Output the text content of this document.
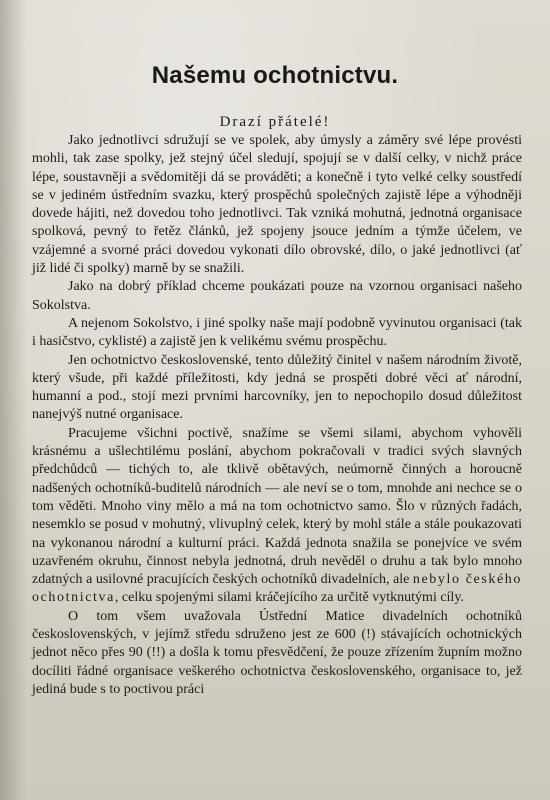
Našemu ochotnictvu.
Drazí přátelé!

Jako jednotlivci sdružují se ve spolek, aby úmysly a záměry své lépe provésti mohli, tak zase spolky, jež stejný účel sledují, spojují se v další celky, v nichž práce lépe, soustavněji a svědomitěji dá se prováděti; a konečně i tyto velké celky soustředí se v jediném ústředním svazku, který prospěchů společných zajistě lépe a výhodněji dovede hájiti, než dovedou toho jednotlivci. Tak vzniká mohutná, jednotná organisace spolková, pevný to řetěz článků, jež spojeny jsouce jedním a týmže účelem, ve vzájemné a svorné práci dovedou vykonati dílo obrovské, dílo, o jaké jednotlivci (ať již lidé či spolky) marně by se snažili.

Jako na dobrý příklad chceme poukázati pouze na vzornou organisaci našeho Sokolstva.

A nejenom Sokolstvo, i jiné spolky naše mají podobně vyvinutou organisaci (tak i hasičstvo, cyklisté) a zajistě jen k velikému svému prospěchu.

Jen ochotnictvo československé, tento důležitý činitel v našem národním životě, který všude, při každé příležitosti, kdy jedná se prospěti dobré věci ať národní, humanní a pod., stojí mezi prvními harcovníky, jen to nepochopilo dosud důležitost nanejvýš nutné organisace.

Pracujeme všichni poctivě, snažíme se všemi silami, abychom vyhověli krásnému a ušlechtilému poslání, abychom pokračovali v tradici svých slavných předchůdců — tichých to, ale tklivě obětavých, neúmorně činných a horoucně nadšených ochotníků-buditelů národních — ale neví se o tom, mnohde ani nechce se o tom věděti. Mnoho viny mělo a má na tom ochotnictvo samo. Šlo v různých řadách, nesemklo se posud v mohutný, vlivuplný celek, který by mohl stále a stále poukazovati na vykonanou národní a kulturní práci. Každá jednota snažila se ponejvíce ve svém uzavřeném okruhu, činnost nebyla jednotná, druh nevěděl o druhu a tak bylo mnoho zdatných a usilovné pracujících českých ochotníků divadelních, ale nebylo českého ochotnictva, celku spojenými silami kráčejícího za určitě vytknutými cíly.

O tom všem uvažovala Ústřední Matice divadelních ochotníků československých, v jejímž středu sdruženo jest ze 600 (!) stávajících ochotnických jednot něco přes 90 (!!) a došla k tomu přesvědčení, že pouze zřízením župním možno docíliti řádné organisace veškerého ochotnictva československého, organisace to, jež jediná bude s to poctivou práci
